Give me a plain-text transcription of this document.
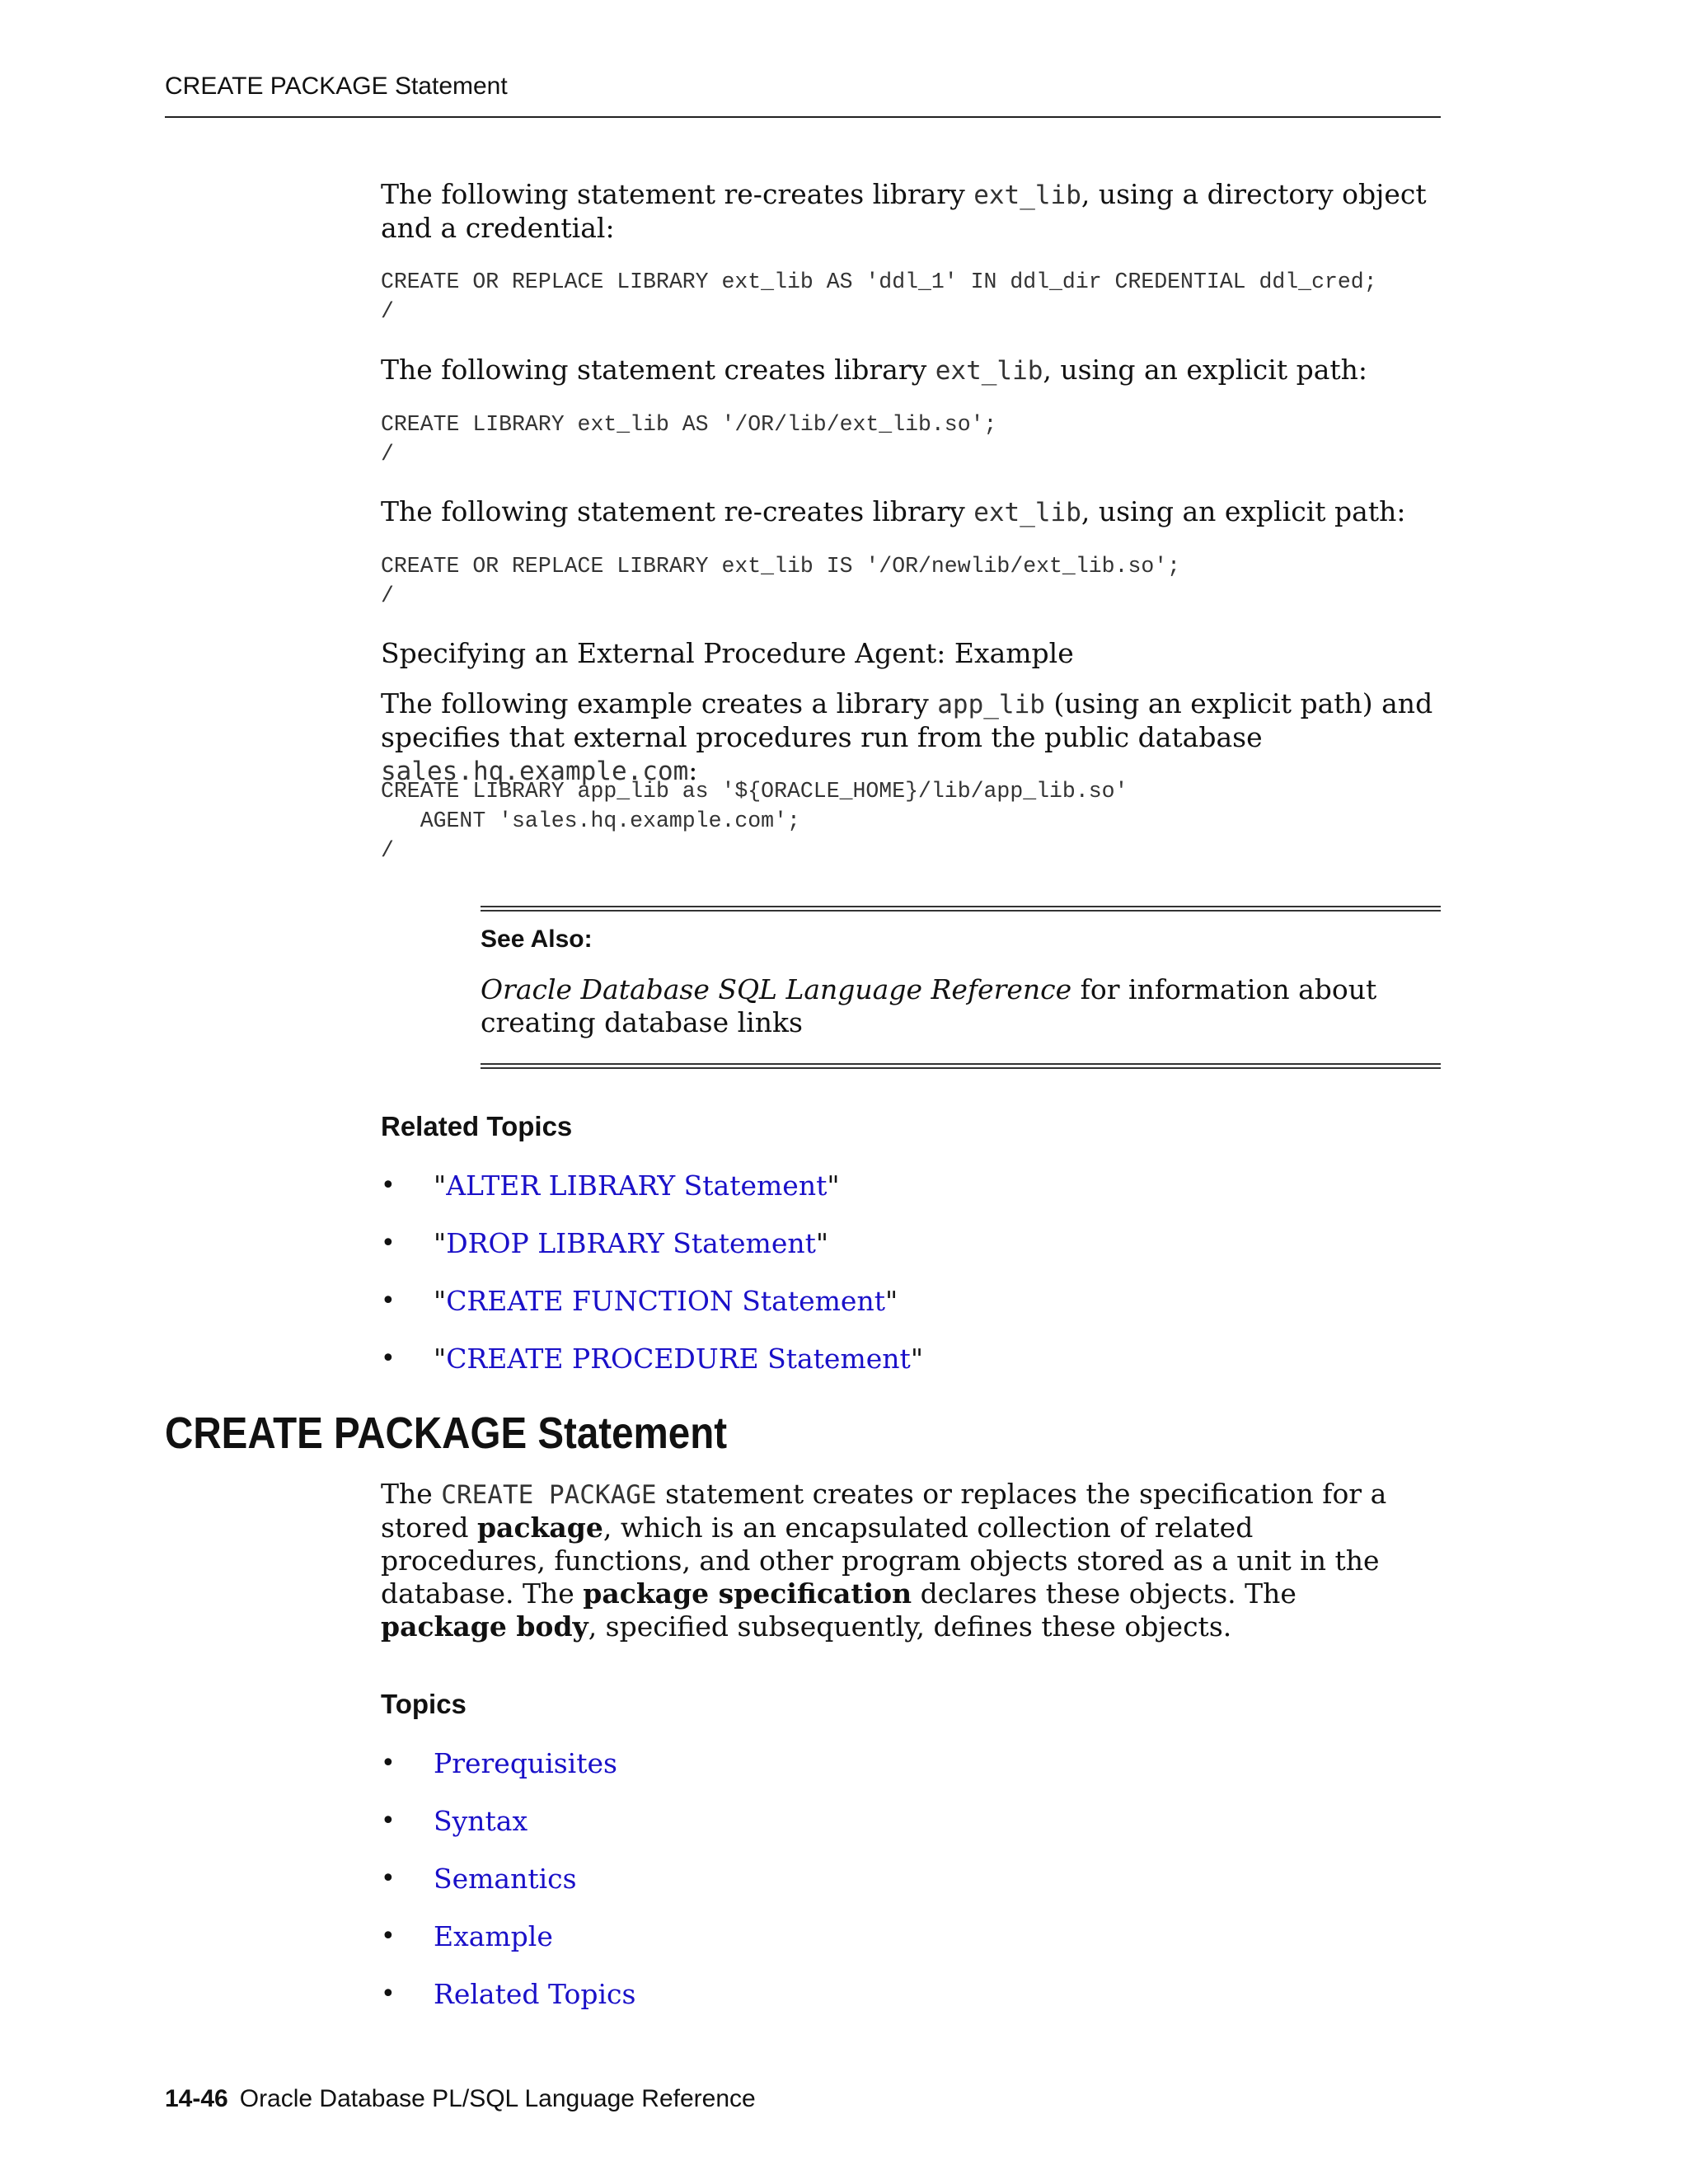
CREATE PACKAGE Statement
The following statement re-creates library ext_lib, using a directory object and a credential:
CREATE OR REPLACE LIBRARY ext_lib AS 'ddl_1' IN ddl_dir CREDENTIAL ddl_cred;
/
The following statement creates library ext_lib, using an explicit path:
CREATE LIBRARY ext_lib AS '/OR/lib/ext_lib.so';
/
The following statement re-creates library ext_lib, using an explicit path:
CREATE OR REPLACE LIBRARY ext_lib IS '/OR/newlib/ext_lib.so';
/
Specifying an External Procedure Agent: Example
The following example creates a library app_lib (using an explicit path) and specifies that external procedures run from the public database sales.hq.example.com:
CREATE LIBRARY app_lib as '${ORACLE_HOME}/lib/app_lib.so'
AGENT 'sales.hq.example.com';
/
See Also:
Oracle Database SQL Language Reference for information about creating database links
Related Topics
•	"ALTER LIBRARY Statement"
•	"DROP LIBRARY Statement"
•	"CREATE FUNCTION Statement"
•	"CREATE PROCEDURE Statement"
CREATE PACKAGE Statement
The CREATE PACKAGE statement creates or replaces the specification for a stored package, which is an encapsulated collection of related procedures, functions, and other program objects stored as a unit in the database. The package specification declares these objects. The package body, specified subsequently, defines these objects.
Topics
•	Prerequisites
•	Syntax
•	Semantics
•	Example
•	Related Topics
14-46 Oracle Database PL/SQL Language Reference
